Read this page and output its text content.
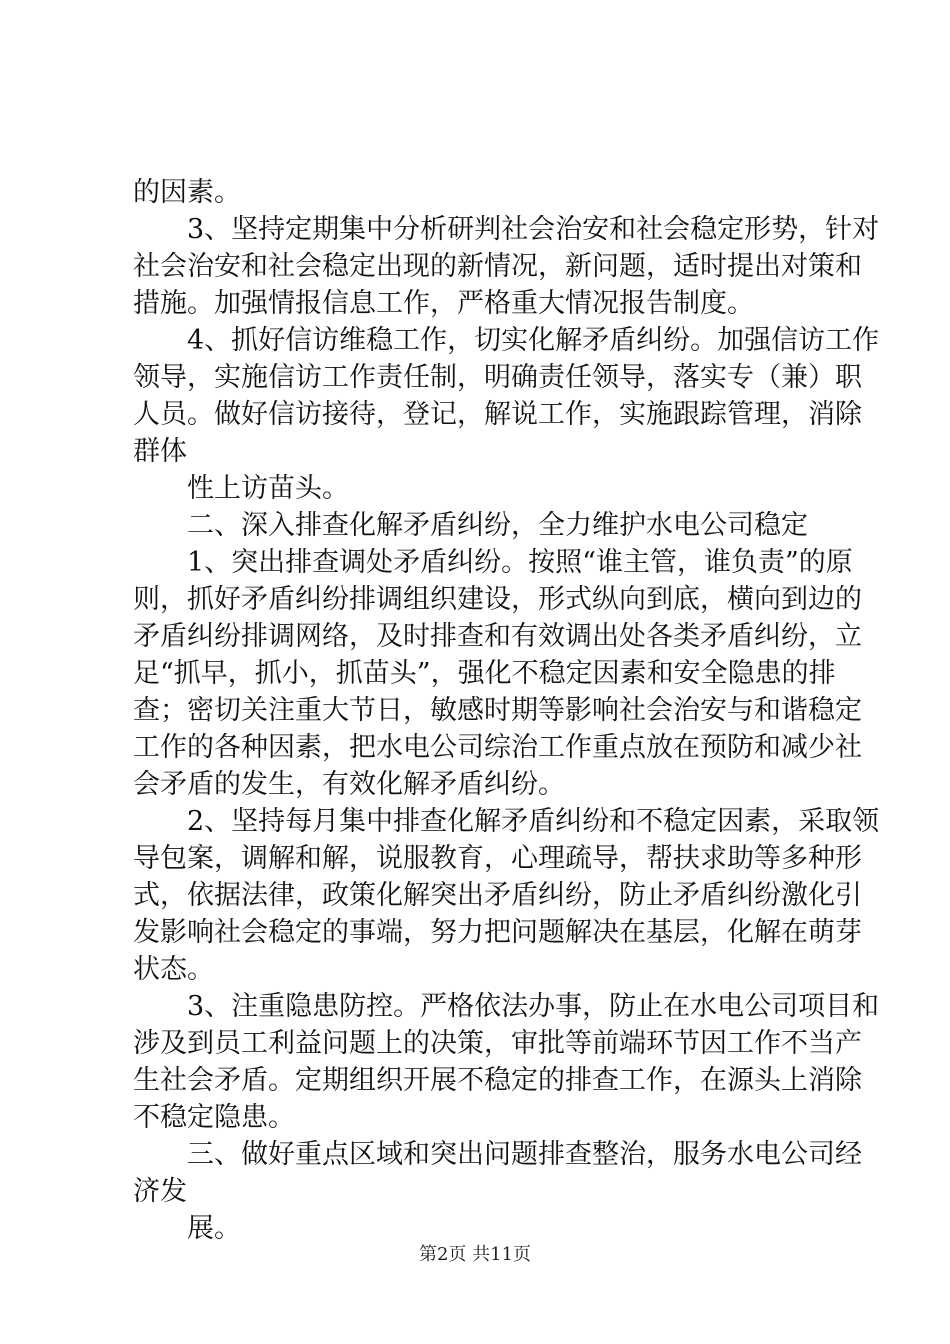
的因素。
　　3、坚持定期集中分析研判社会治安和社会稳定形势，针对
社会治安和社会稳定出现的新情况，新问题，适时提出对策和
措施。加强情报信息工作，严格重大情况报告制度。
　　4、抓好信访维稳工作，切实化解矛盾纠纷。加强信访工作
领导，实施信访工作责任制，明确责任领导，落实专（兼）职
人员。做好信访接待，登记，解说工作，实施跟踪管理，消除
群体
　　性上访苗头。
　　二、深入排查化解矛盾纠纷，全力维护水电公司稳定
　　1、突出排查调处矛盾纠纷。按照“谁主管，谁负责”的原
则，抓好矛盾纠纷排调组织建设，形式纵向到底，横向到边的
矛盾纠纷排调网络，及时排查和有效调出处各类矛盾纠纷，立
足“抓早，抓小，抓苗头”，强化不稳定因素和安全隐患的排
查；密切关注重大节日，敏感时期等影响社会治安与和谐稳定
工作的各种因素，把水电公司综治工作重点放在预防和减少社
会矛盾的发生，有效化解矛盾纠纷。
　　2、坚持每月集中排查化解矛盾纠纷和不稳定因素，采取领
导包案，调解和解，说服教育，心理疏导，帮扶求助等多种形
式，依据法律，政策化解突出矛盾纠纷，防止矛盾纠纷激化引
发影响社会稳定的事端，努力把问题解决在基层，化解在萌芽
状态。
　　3、注重隐患防控。严格依法办事，防止在水电公司项目和
涉及到员工利益问题上的决策，审批等前端环节因工作不当产
生社会矛盾。定期组织开展不稳定的排查工作，在源头上消除
不稳定隐患。
　　三、做好重点区域和突出问题排查整治，服务水电公司经
济发
　　展。
第2页 共11页
